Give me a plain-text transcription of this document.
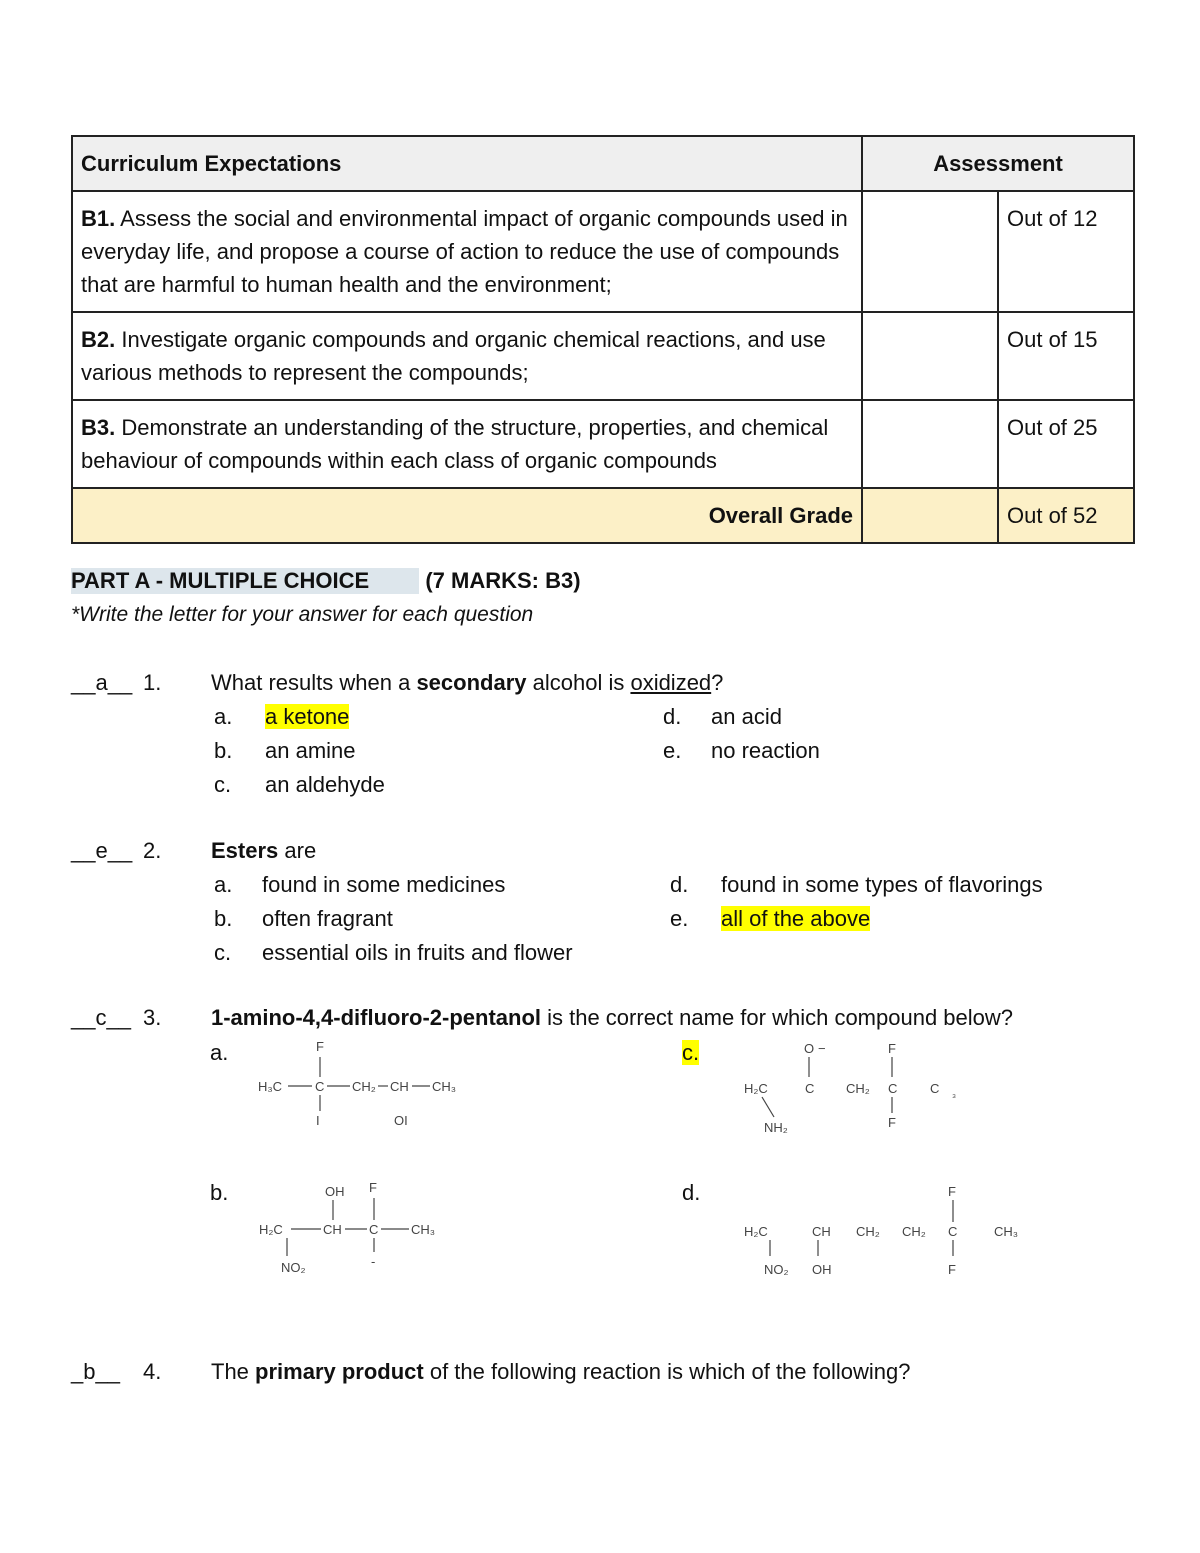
Curriculum Expectations	Assessment	
B1. Assess the social and environmental impact of organic compounds used in everyday life, and propose a course of action to reduce the use of compounds that are harmful to human health and the environment;		Out of 12
B2. Investigate organic compounds and organic chemical reactions, and use various methods to represent the compounds;		Out of 15
B3. Demonstrate an understanding of the structure, properties, and chemical behaviour of compounds within each class of organic compounds		Out of 25
Overall Grade		Out of 52
PART A - MULTIPLE CHOICE	(7 MARKS: B3)
*Write the letter for your answer for each question
__a__ 1. What results when a secondary alcohol is oxidized?
a. a ketone
b. an amine
c. an aldehyde
d. an acid
e. no reaction
__e__ 2. Esters are
a. found in some medicines
b. often fragrant
c. essential oils in fruits and flower
d. found in some types of flavorings
e. all of the above
__c__ 3. 1-amino-4,4-difluoro-2-pentanol is the correct name for which compound below?
a.	c.
b.	d.
F
H₃C	C CH₂ CH CH₃
I	OI
O −	F
H₂C	C CH₂ C	C ₃
NH₂	F
OH F
H₂C	CH C	CH₃
NO₂	-
F
H₂C	CH CH₂ CH₂ C	CH₃
NO₂ OH	F
_b__ 4. The primary product of the following reaction is which of the following?
